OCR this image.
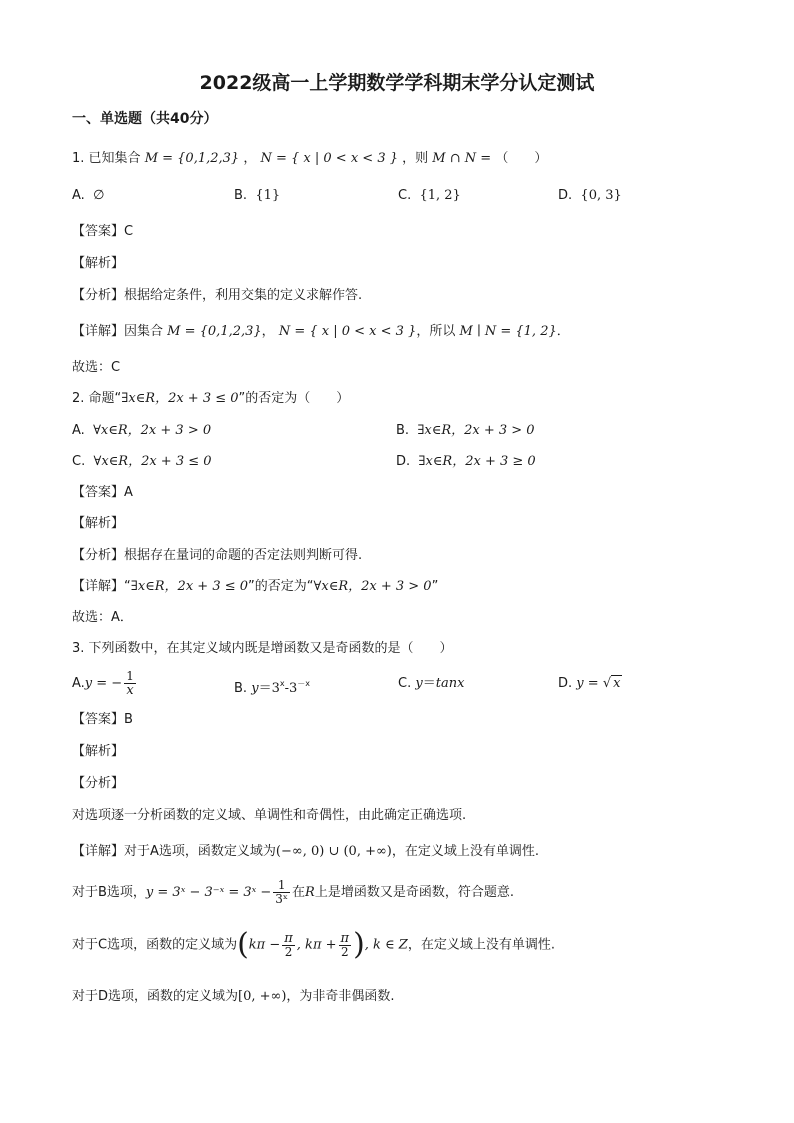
2022级高一上学期数学学科期末学分认定测试
一、单选题（共40分）
1. 已知集合 M = {0,1,2,3} ， N = { x | 0 < x < 3 } ，则 M ∩ N = （　　）
A. ∅	B. {1}	C. {1, 2}	D. {0, 3}
【答案】C
【解析】
【分析】根据给定条件，利用交集的定义求解作答.
【详解】因集合 M = {0,1,2,3}， N = { x | 0 < x < 3 }，所以 M ∣ N = {1, 2}．
故选：C
2. 命题“∃x∈R，2x + 3 ≤ 0”的否定为（　　）
A. ∀x∈R，2x + 3 > 0	B. ∃x∈R，2x + 3 > 0
C. ∀x∈R，2x + 3 ≤ 0	D. ∃x∈R，2x + 3 ≥ 0
【答案】A
【解析】
【分析】根据存在量词的命题的否定法则判断可得.
【详解】“∃x∈R，2x + 3 ≤ 0”的否定为“∀x∈R，2x + 3 > 0”
故选：A．
3. 下列函数中，在其定义域内既是增函数又是奇函数的是（　　）
A.y = − $\frac{1}{x}$	B. $y=3^x-3^{-x}$	C. y＝tanx	D. y = √ x
【答案】B
【解析】
【分析】
对选项逐一分析函数的定义域、单调性和奇偶性，由此确定正确选项.
【详解】对于A选项，函数定义域为(−∞, 0) ∪ (0, +∞)，在定义域上没有单调性.
对于B选项，y = 3ˣ − 3⁻ˣ = 3ˣ − $\frac{1}{\text{3ˣ}}$ 在R上是增函数又是奇函数，符合题意.
对于C选项，函数的定义域为($k\pi - \frac{\pi}{2}$ , $k\pi + \frac{\pi}{2}$ ), k ∈ Z，在定义域上没有单调性.
对于D选项，函数的定义域为[0, +∞)，为非奇非偶函数.
